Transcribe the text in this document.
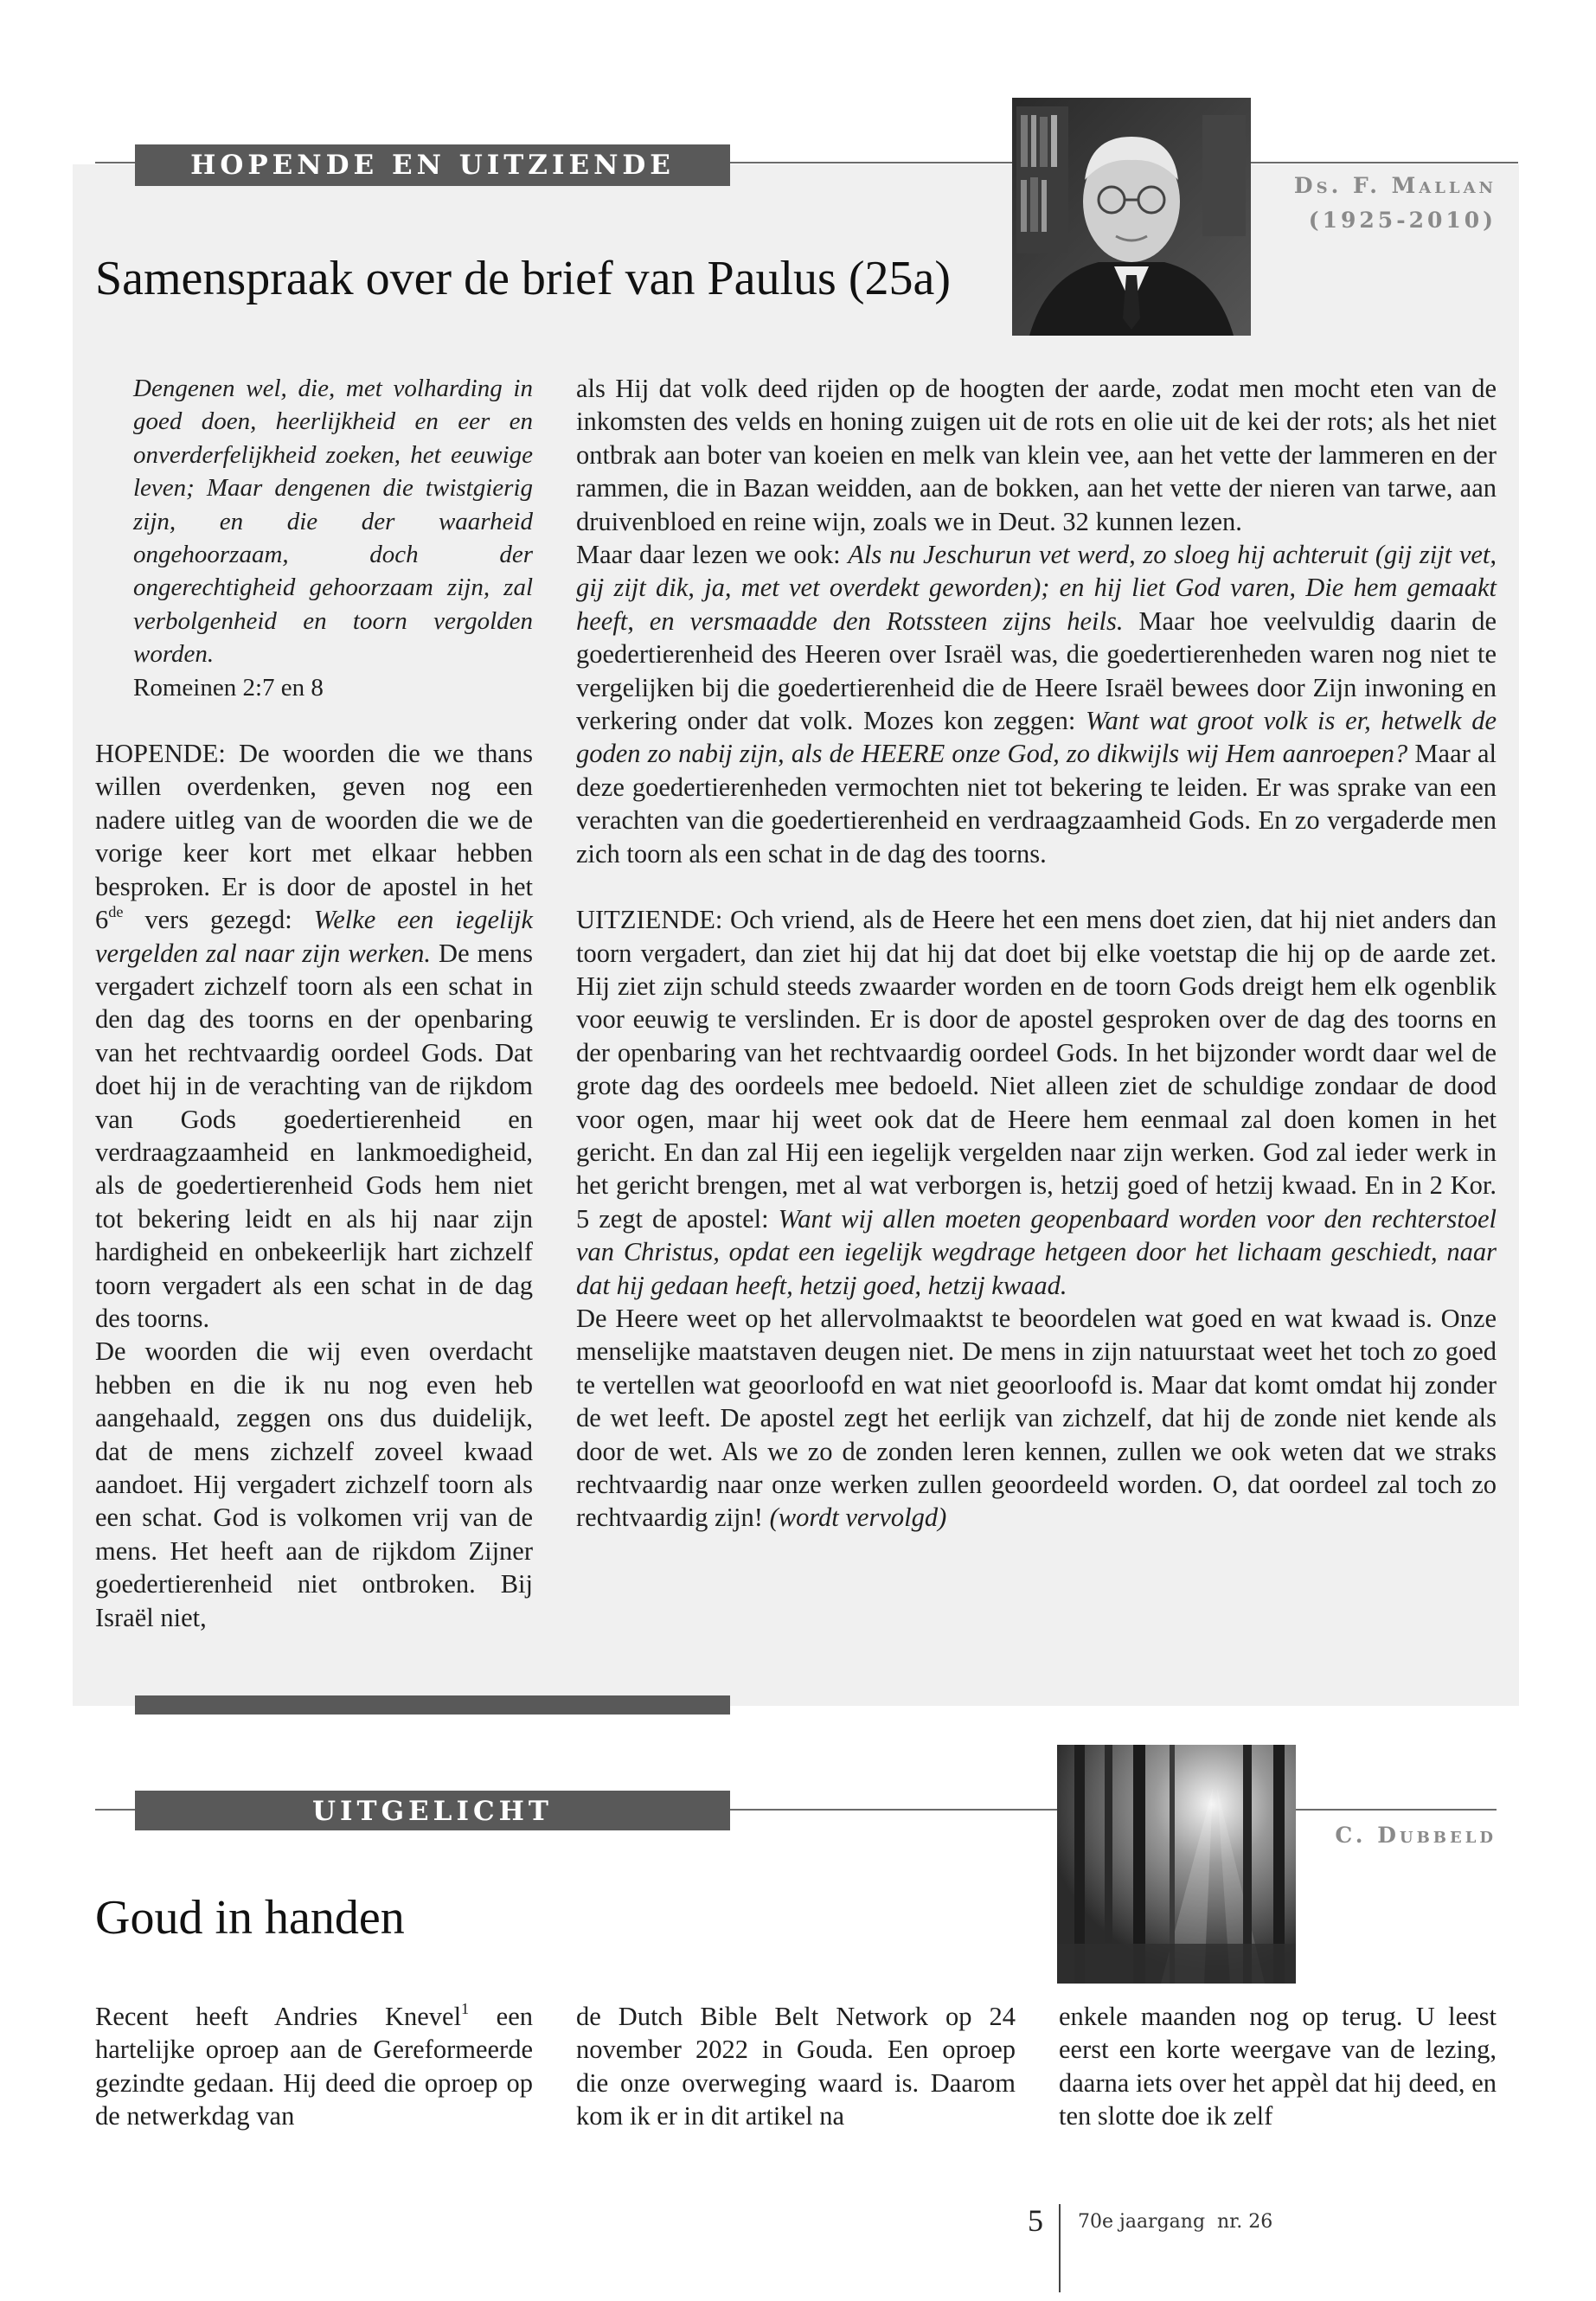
HOPENDE EN UITZIENDE
Ds. F. Mallan
(1925-2010)
Samenspraak over de brief van Paulus (25a)

Dengenen wel, die, met volharding in goed doen, heerlijkheid en eer en onverderfelijkheid zoeken, het eeuwige leven; Maar dengenen die twistgierig zijn, en die der waarheid ongehoorzaam, doch der ongerechtigheid gehoorzaam zijn, zal verbolgenheid en toorn vergolden worden.

Romeinen 2:7 en 8

HOPENDE: De woorden die we thans willen overdenken, geven nog een nadere uitleg van de woorden die we de vorige keer kort met elkaar hebben besproken. Er is door de apostel in het 6de vers gezegd: Welke een iegelijk vergelden zal naar zijn werken. De mens vergadert zichzelf toorn als een schat in den dag des toorns en der openbaring van het rechtvaardig oordeel Gods. Dat doet hij in de verachting van de rijkdom van Gods goedertierenheid en verdraagzaamheid en lankmoedigheid, als de goedertierenheid Gods hem niet tot bekering leidt en als hij naar zijn hardigheid en onbekeerlijk hart zichzelf toorn vergadert als een schat in de dag des toorns.

De woorden die wij even overdacht hebben en die ik nu nog even heb aangehaald, zeggen ons dus duidelijk, dat de mens zichzelf zoveel kwaad aandoet. Hij vergadert zichzelf toorn als een schat. God is volkomen vrij van de mens. Het heeft aan de rijkdom Zijner goedertierenheid niet ontbroken. Bij Israël niet,

als Hij dat volk deed rijden op de hoogten der aarde, zodat men mocht eten van de inkomsten des velds en honing zuigen uit de rots en olie uit de kei der rots; als het niet ontbrak aan boter van koeien en melk van klein vee, aan het vette der lammeren en der rammen, die in Bazan weidden, aan de bokken, aan het vette der nieren van tarwe, aan druivenbloed en reine wijn, zoals we in Deut. 32 kunnen lezen.

Maar daar lezen we ook: Als nu Jeschurun vet werd, zo sloeg hij achteruit (gij zijt vet, gij zijt dik, ja, met vet overdekt geworden); en hij liet God varen, Die hem gemaakt heeft, en versmaadde den Rotssteen zijns heils. Maar hoe veelvuldig daarin de goedertierenheid des Heeren over Israël was, die goedertierenheden waren nog niet te vergelijken bij die goedertierenheid die de Heere Israël bewees door Zijn inwoning en verkering onder dat volk. Mozes kon zeggen: Want wat groot volk is er, hetwelk de goden zo nabij zijn, als de HEERE onze God, zo dikwijls wij Hem aanroepen? Maar al deze goedertierenheden vermochten niet tot bekering te leiden. Er was sprake van een verachten van die goedertierenheid en verdraagzaamheid Gods. En zo vergaderde men zich toorn als een schat in de dag des toorns.

UITZIENDE: Och vriend, als de Heere het een mens doet zien, dat hij niet anders dan toorn vergadert, dan ziet hij dat hij dat doet bij elke voetstap die hij op de aarde zet. Hij ziet zijn schuld steeds zwaarder worden en de toorn Gods dreigt hem elk ogenblik voor eeuwig te verslinden. Er is door de apostel gesproken over de dag des toorns en der openbaring van het rechtvaardig oordeel Gods. In het bijzonder wordt daar wel de grote dag des oordeels mee bedoeld. Niet alleen ziet de schuldige zondaar de dood voor ogen, maar hij weet ook dat de Heere hem eenmaal zal doen komen in het gericht. En dan zal Hij een iegelijk vergelden naar zijn werken. God zal ieder werk in het gericht brengen, met al wat verborgen is, hetzij goed of hetzij kwaad. En in 2 Kor. 5 zegt de apostel: Want wij allen moeten geopenbaard worden voor den rechterstoel van Christus, opdat een iegelijk wegdrage hetgeen door het lichaam geschiedt, naar dat hij gedaan heeft, hetzij goed, hetzij kwaad.

De Heere weet op het allervolmaaktst te beoordelen wat goed en wat kwaad is. Onze menselijke maatstaven deugen niet. De mens in zijn natuurstaat weet het toch zo goed te vertellen wat geoorloofd en wat niet geoorloofd is. Maar dat komt omdat hij zonder de wet leeft. De apostel zegt het eerlijk van zichzelf, dat hij de zonde niet kende als door de wet. Als we zo de zonden leren kennen, zullen we ook weten dat we straks rechtvaardig naar onze werken zullen geoordeeld worden. O, dat oordeel zal toch zo rechtvaardig zijn! (wordt vervolgd)

UITGELICHT
C. Dubbeld
Goud in handen

Recent heeft Andries Knevel$^1$ een hartelijke oproep aan de Gereformeerde gezindte gedaan. Hij deed die oproep op de netwerkdag van

de Dutch Bible Belt Network op 24 november 2022 in Gouda. Een oproep die onze overweging waard is. Daarom kom ik er in dit artikel na

enkele maanden nog op terug. U leest eerst een korte weergave van de lezing, daarna iets over het appèl dat hij deed, en ten slotte doe ik zelf

5 70e jaargang  nr. 26
